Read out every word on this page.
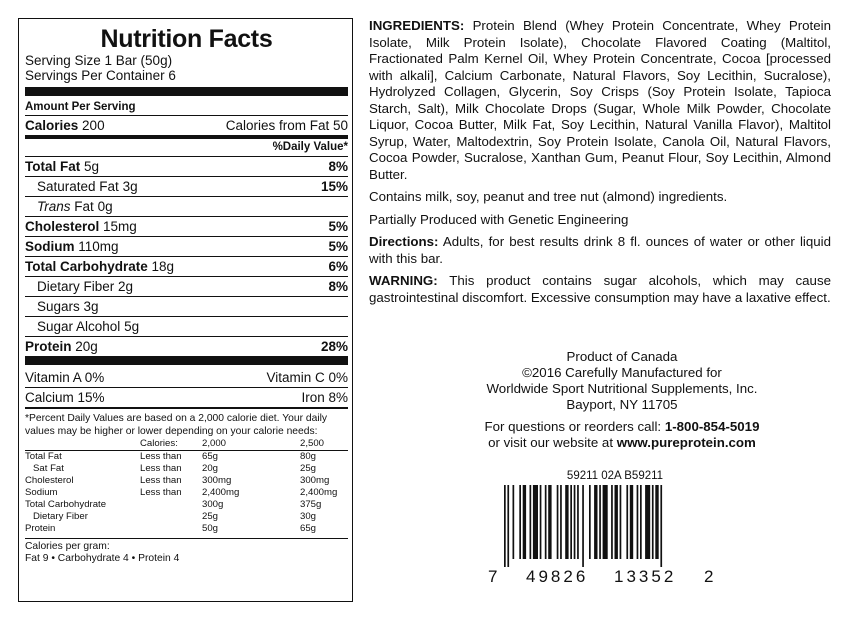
Nutrition Facts
Serving Size 1 Bar (50g)
Servings Per Container 6
Amount Per Serving
Calories 200	Calories from Fat 50
%Daily Value*
Total Fat 5g	8%
Saturated Fat 3g	15%
Trans Fat 0g
Cholesterol 15mg	5%
Sodium 110mg	5%
Total Carbohydrate 18g	6%
Dietary Fiber 2g	8%
Sugars 3g
Sugar Alcohol 5g
Protein 20g	28%
Vitamin A 0%	Vitamin C 0%
Calcium 15%	Iron 8%
*Percent Daily Values are based on a 2,000 calorie diet. Your daily values may be higher or lower depending on your calorie needs:
	Calories:	2,000	2,500
Total Fat	Less than	65g	80g
Sat Fat	Less than	20g	25g
Cholesterol	Less than	300mg	300mg
Sodium	Less than	2,400mg	2,400mg
Total Carbohydrate		300g	375g
Dietary Fiber		25g	30g
Protein		50g	65g
Calories per gram:
Fat 9 • Carbohydrate 4 • Protein 4

INGREDIENTS: Protein Blend (Whey Protein Concentrate, Whey Protein Isolate, Milk Protein Isolate), Chocolate Flavored Coating (Maltitol, Fractionated Palm Kernel Oil, Whey Protein Concentrate, Cocoa [processed with alkali], Calcium Carbonate, Natural Flavors, Soy Lecithin, Sucralose), Hydrolyzed Collagen, Glycerin, Soy Crisps (Soy Protein Isolate, Tapioca Starch, Salt), Milk Chocolate Drops (Sugar, Whole Milk Powder, Chocolate Liquor, Cocoa Butter, Milk Fat, Soy Lecithin, Natural Vanilla Flavor), Maltitol Syrup, Water, Maltodextrin, Soy Protein Isolate, Canola Oil, Natural Flavors, Cocoa Powder, Sucralose, Xanthan Gum, Peanut Flour, Soy Lecithin, Almond Butter.

Contains milk, soy, peanut and tree nut (almond) ingredients.

Partially Produced with Genetic Engineering

Directions: Adults, for best results drink 8 fl. ounces of water or other liquid with this bar.

WARNING: This product contains sugar alcohols, which may cause gastrointestinal discomfort. Excessive consumption may have a laxative effect.

Product of Canada
©2016 Carefully Manufactured for
Worldwide Sport Nutritional Supplements, Inc.
Bayport, NY 11705
For questions or reorders call: 1-800-854-5019
or visit our website at www.pureprotein.com
59211 02A B59211
7 49826 13352 2
